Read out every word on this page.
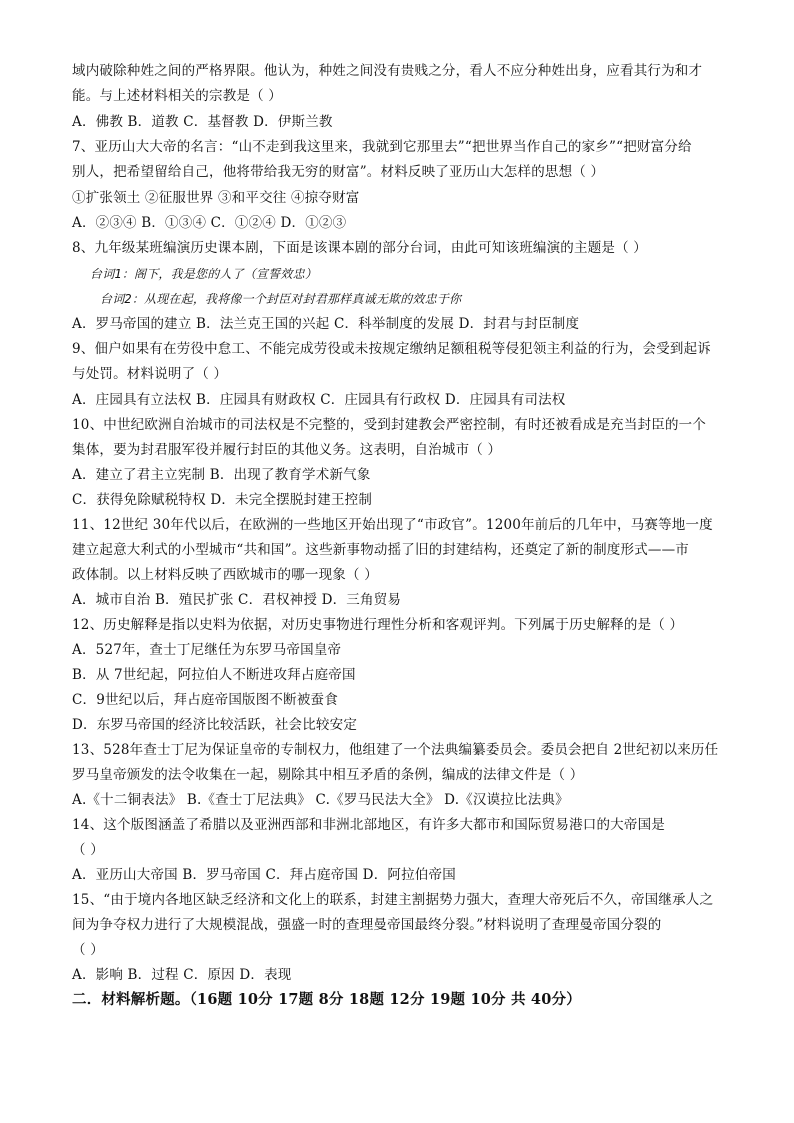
域内破除种姓之间的严格界限。他认为，种姓之间没有贵贱之分，看人不应分种姓出身，应看其行为和才
能。与上述材料相关的宗教是（ ）
A．佛教 B．道教 C．基督教 D．伊斯兰教
7、亚历山大大帝的名言：“山不走到我这里来，我就到它那里去”“把世界当作自己的家乡”“把财富分给
别人，把希望留给自己，他将带给我无穷的财富”。材料反映了亚历山大怎样的思想（ ）
①扩张领土 ②征服世界 ③和平交往 ④掠夺财富
A．②③④ B．①③④ C．①②④ D．①②③
8、九年级某班编演历史课本剧，下面是该课本剧的部分台词，由此可知该班编演的主题是（ ）
台词1：阁下，我是您的人了（宣誓效忠）
台词2：从现在起，我将像一个封臣对封君那样真诚无欺的效忠于你
A．罗马帝国的建立 B．法兰克王国的兴起 C．科举制度的发展 D．封君与封臣制度
9、佃户如果有在劳役中怠工、不能完成劳役或未按规定缴纳足额租税等侵犯领主利益的行为，会受到起诉
与处罚。材料说明了（ ）
A．庄园具有立法权 B．庄园具有财政权 C．庄园具有行政权 D．庄园具有司法权
10、中世纪欧洲自治城市的司法权是不完整的，受到封建教会严密控制，有时还被看成是充当封臣的一个
集体，要为封君服军役并履行封臣的其他义务。这表明，自治城市（ ）
A．建立了君主立宪制 B．出现了教育学术新气象
C．获得免除赋税特权 D．未完全摆脱封建王控制
11、12世纪 30年代以后，在欧洲的一些地区开始出现了“市政官”。1200年前后的几年中，马赛等地一度
建立起意大利式的小型城市“共和国”。这些新事物动摇了旧的封建结构，还奠定了新的制度形式——市
政体制。以上材料反映了西欧城市的哪一现象（ ）
A．城市自治 B．殖民扩张 C．君权神授 D．三角贸易
12、历史解释是指以史料为依据，对历史事物进行理性分析和客观评判。下列属于历史解释的是（ ）
A．527年，查士丁尼继任为东罗马帝国皇帝
B．从 7世纪起，阿拉伯人不断进攻拜占庭帝国
C．9世纪以后，拜占庭帝国版图不断被蚕食
D．东罗马帝国的经济比较活跃，社会比较安定
13、528年查士丁尼为保证皇帝的专制权力，他组建了一个法典编纂委员会。委员会把自 2世纪初以来历任
罗马皇帝颁发的法令收集在一起，剔除其中相互矛盾的条例，编成的法律文件是（ ）
A.《十二铜表法》 B.《查士丁尼法典》 C.《罗马民法大全》 D.《汉谟拉比法典》
14、这个版图涵盖了希腊以及亚洲西部和非洲北部地区，有许多大都市和国际贸易港口的大帝国是
（ ）
A．亚历山大帝国 B．罗马帝国 C．拜占庭帝国 D．阿拉伯帝国
15、“由于境内各地区缺乏经济和文化上的联系，封建主割据势力强大，查理大帝死后不久，帝国继承人之
间为争夺权力进行了大规模混战，强盛一时的查理曼帝国最终分裂。”材料说明了查理曼帝国分裂的
（ ）
A．影响 B．过程 C．原因 D．表现
二．材料解析题。（16题 10分 17题 8分 18题 12分 19题 10分 共 40分）
